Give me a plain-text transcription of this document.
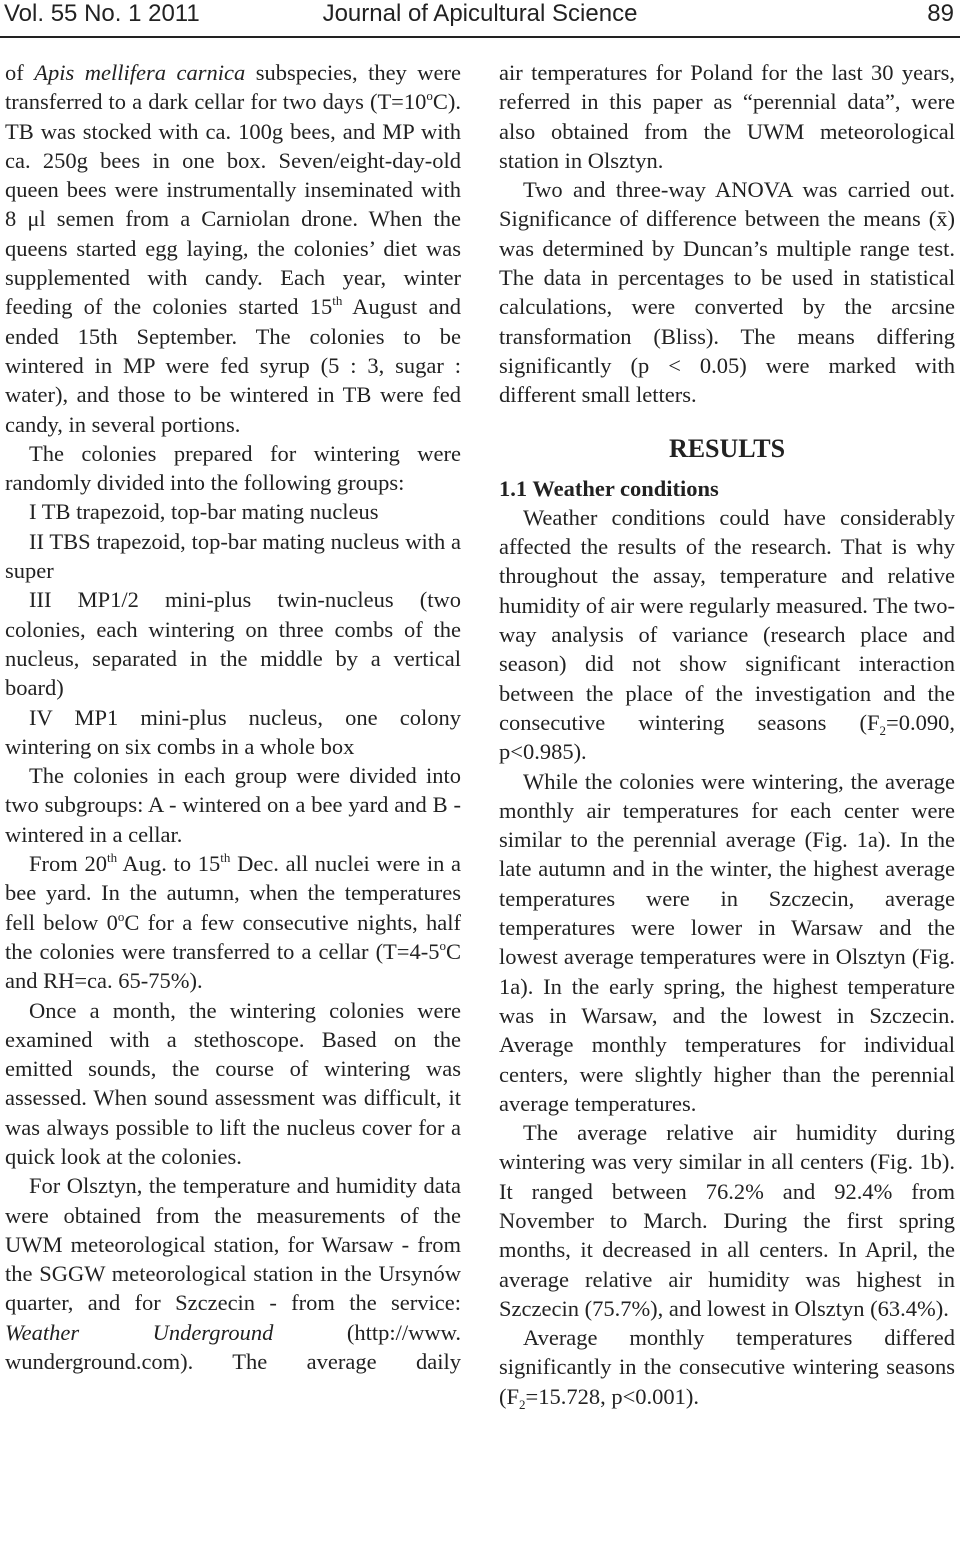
Journal of Apicultural Science
Vol. 55 No. 1 2011	89

of Apis mellifera carnica subspecies, they were transferred to a dark cellar for two days $(T=10^oC)$. TB was stocked with ca. 100g bees, and MP with ca. 250g bees in one box. Seven/eight-day-old queen bees were instrumentally inseminated with 8 μl semen from a Carniolan drone. When the queens started egg laying, the colonies’ diet was supplemented with candy. Each year, winter feeding of the colonies started 15th August and ended 15th September. The colonies to be wintered in MP were fed syrup (5 : 3, sugar : water), and those to be wintered in TB were fed candy, in several portions.

The colonies prepared for wintering were randomly divided into the following groups:

I TB trapezoid, top-bar mating nucleus

II TBS trapezoid, top-bar mating nucleus with a super

III MP1/2 mini-plus twin-nucleus (two colonies, each wintering on three combs of the nucleus, separated in the middle by a vertical board)

IV MP1 mini-plus nucleus, one colony wintering on six combs in a whole box

The colonies in each group were divided into two subgroups: A - wintered on a bee yard and B - wintered in a cellar.

From 20th Aug. to 15th Dec. all nuclei were in a bee yard. In the autumn, when the temperatures fell below 0$^o$C for a few consecutive nights, half the colonies were transferred to a cellar ($T=4-5^oC$ and RH=ca. 65-75%).

Once a month, the wintering colonies were examined with a stethoscope. Based on the emitted sounds, the course of wintering was assessed. When sound assessment was difficult, it was always possible to lift the nucleus cover for a quick look at the colonies.

For Olsztyn, the temperature and humidity data were obtained from the measurements of the UWM meteorological station, for Warsaw - from the SGGW meteorological station in the Ursynów quarter, and for Szczecin - from the service: Weather Underground (http://www. wunderground.com). The average daily

air temperatures for Poland for the last 30 years, referred in this paper as “perennial data”, were also obtained from the UWM meteorological station in Olsztyn.

Two and three-way ANOVA was carried out. Significance of difference between the means (x̄) was determined by Duncan’s multiple range test. The data in percentages to be used in statistical calculations, were converted by the arcsine transformation (Bliss). The means differing significantly (p < 0.05) were marked with different small letters.

RESULTS

1.1 Weather conditions

Weather conditions could have considerably affected the results of the research. That is why throughout the assay, temperature and relative humidity of air were regularly measured. The two-way analysis of variance (research place and season) did not show significant interaction between the place of the investigation and the consecutive wintering seasons ($F_2=0.090$, p<0.985).

While the colonies were wintering, the average monthly air temperatures for each center were similar to the perennial average (Fig. 1a). In the late autumn and in the winter, the highest average temperatures were in Szczecin, average temperatures were lower in Warsaw and the lowest average temperatures were in Olsztyn (Fig. 1a). In the early spring, the highest temperature was in Warsaw, and the lowest in Szczecin. Average monthly temperatures for individual centers, were slightly higher than the perennial average temperatures.

The average relative air humidity during wintering was very similar in all centers (Fig. 1b). It ranged between 76.2% and 92.4% from November to March. During the first spring months, it decreased in all centers. In April, the average relative air humidity was highest in Szczecin (75.7%), and lowest in Olsztyn (63.4%).

Average monthly temperatures differed significantly in the consecutive wintering seasons ($F_2=15.728$, p<0.001).
